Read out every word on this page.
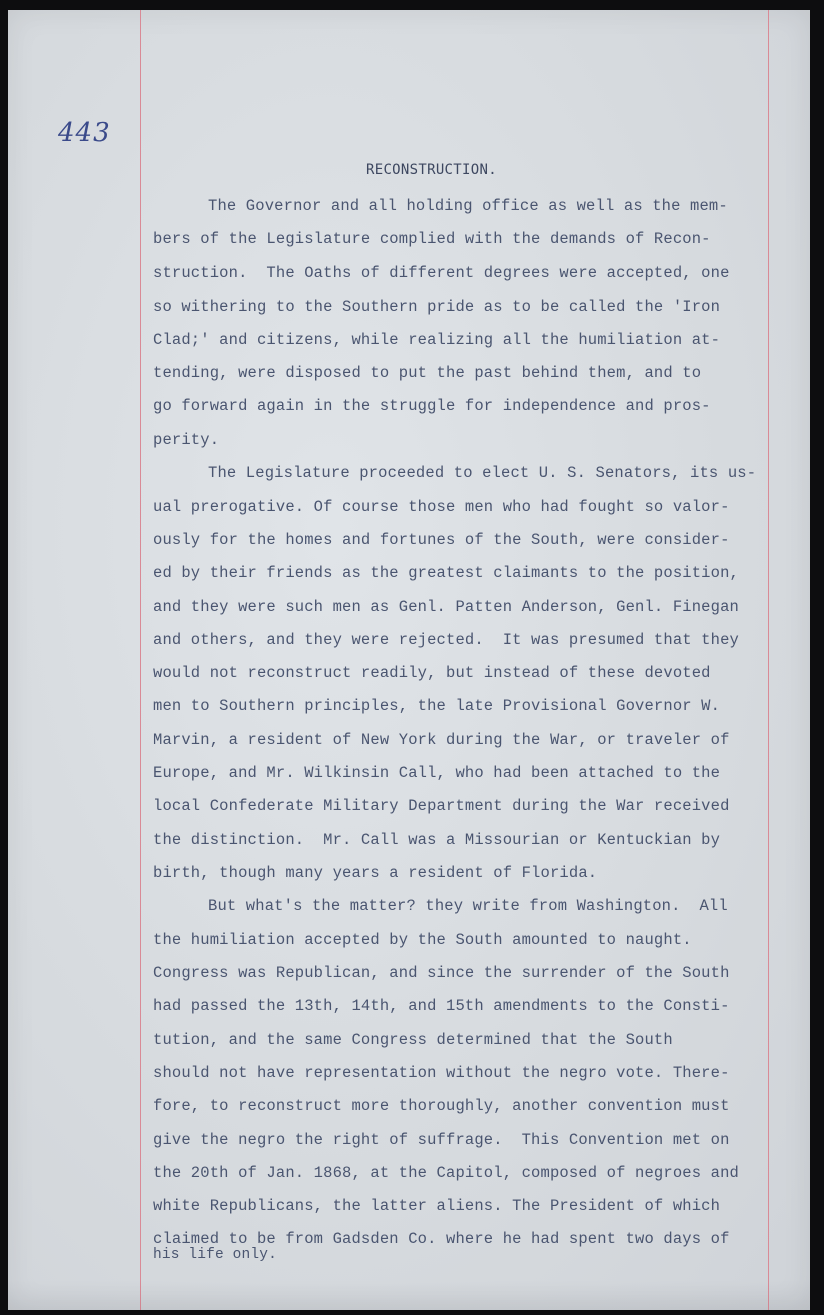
443
RECONSTRUCTION.
The Governor and all holding office as well as the mem-
bers of the Legislature complied with the demands of Recon-
struction.  The Oaths of different degrees were accepted, one
so withering to the Southern pride as to be called the 'Iron
Clad;' and citizens, while realizing all the humiliation at-
tending, were disposed to put the past behind them, and to
go forward again in the struggle for independence and pros-
perity.
The Legislature proceeded to elect U. S. Senators, its us-
ual prerogative. Of course those men who had fought so valor-
ously for the homes and fortunes of the South, were consider-
ed by their friends as the greatest claimants to the position,
and they were such men as Genl. Patten Anderson, Genl. Finegan
and others, and they were rejected.  It was presumed that they
would not reconstruct readily, but instead of these devoted
men to Southern principles, the late Provisional Governor W.
Marvin, a resident of New York during the War, or traveler of
Europe, and Mr. Wilkinsin Call, who had been attached to the
local Confederate Military Department during the War received
the distinction.  Mr. Call was a Missourian or Kentuckian by
birth, though many years a resident of Florida.
But what's the matter? they write from Washington.  All
the humiliation accepted by the South amounted to naught.
Congress was Republican, and since the surrender of the South
had passed the 13th, 14th, and 15th amendments to the Consti-
tution, and the same Congress determined that the South
should not have representation without the negro vote. There-
fore, to reconstruct more thoroughly, another convention must
give the negro the right of suffrage.  This Convention met on
the 20th of Jan. 1868, at the Capitol, composed of negroes and
white Republicans, the latter aliens. The President of which
claimed to be from Gadsden Co. where he had spent two days of
his life only.
